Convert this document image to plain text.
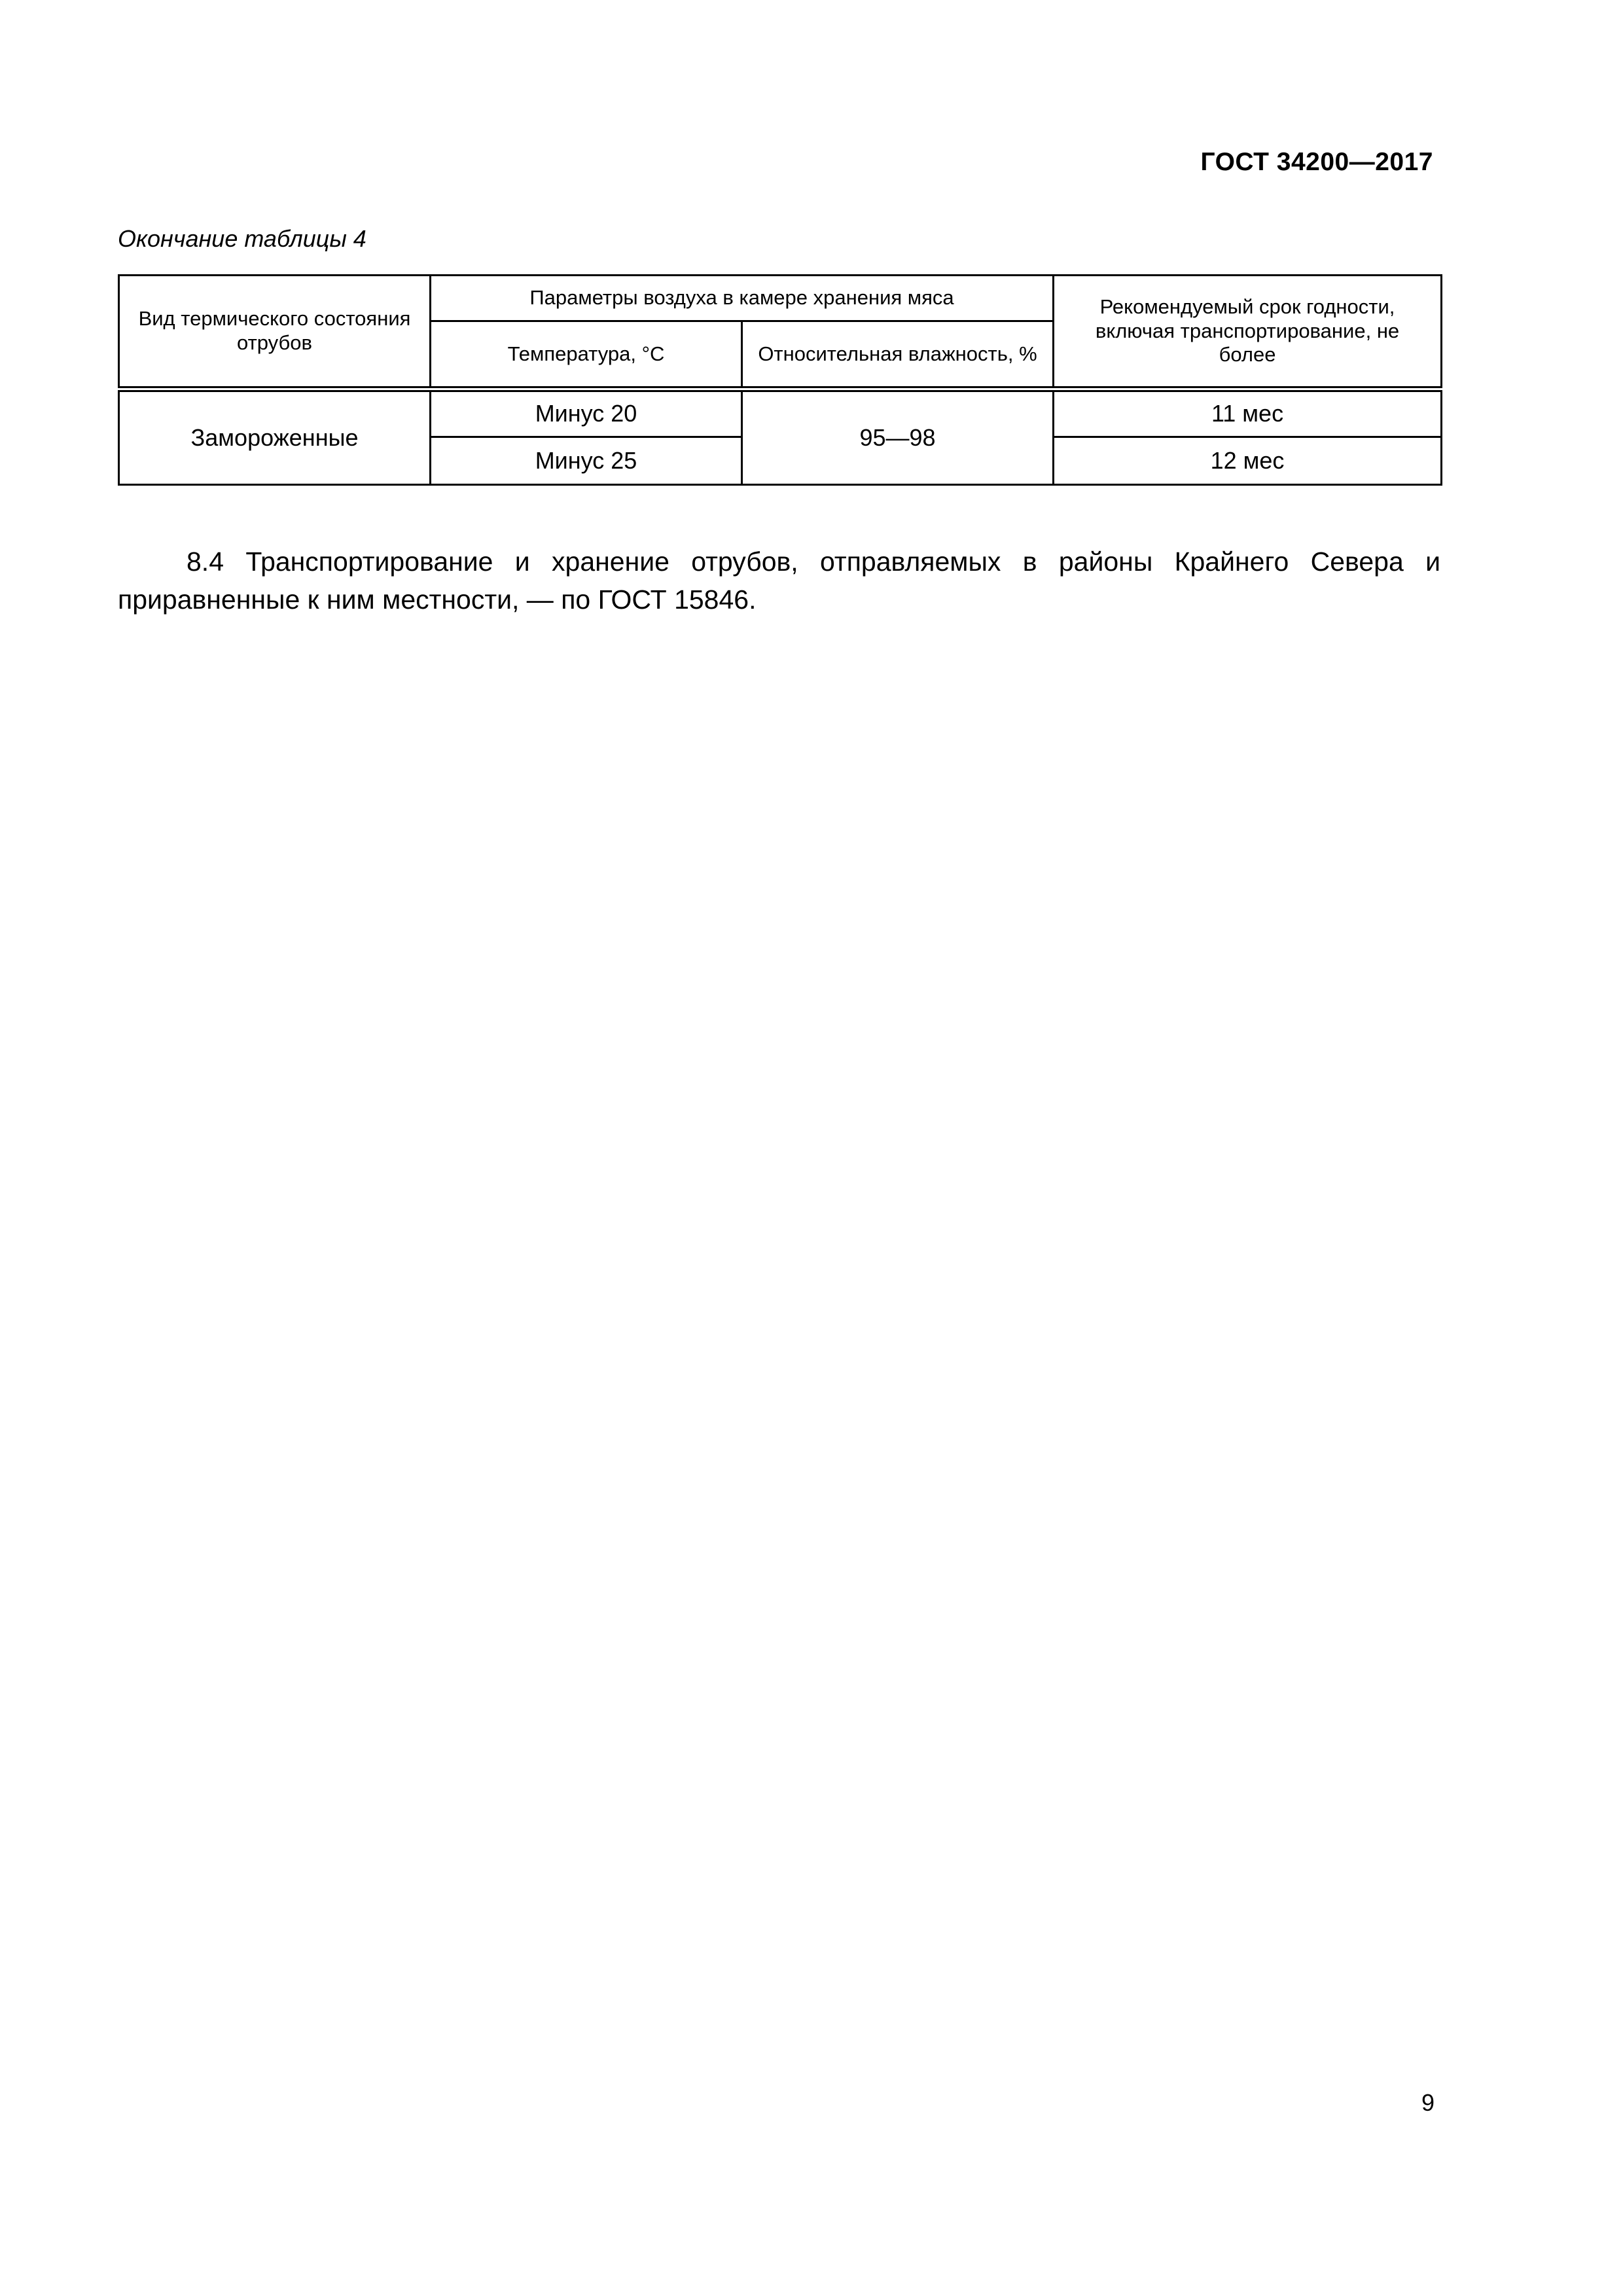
ГОСТ 34200—2017
Окончание таблицы 4
Вид термического состояния отрубов	Параметры воздуха в камере хранения мяса		Рекомендуемый срок годности, включая транспортирование, не более
	Температура, °С	Относительная влажность, %	
Замороженные	Минус 20	95—98	11 мес
	Минус 25		12 мес

8.4 Транспортирование и хранение отрубов, отправляемых в районы Крайнего Севера и приравненные к ним местности, — по ГОСТ 15846.

9
